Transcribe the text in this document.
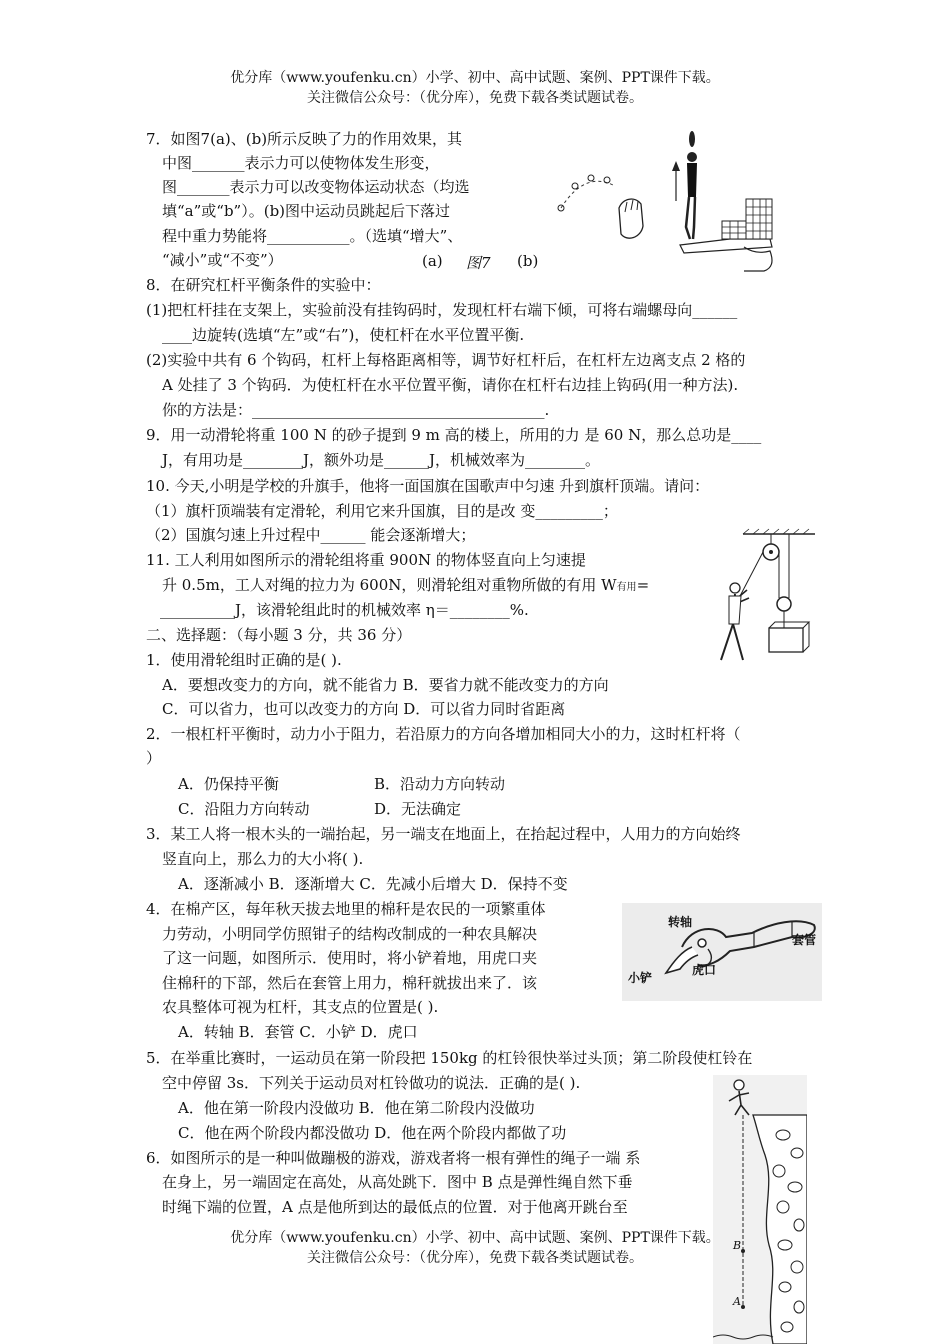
优分库（www.youfenku.cn）小学、初中、高中试题、案例、PPT课件下载。
关注微信公众号：（优分库），免费下载各类试题试卷。
7．如图7(a)、(b)所示反映了力的作用效果，其
中图_______表示力可以使物体发生形变，
图_______表示力可以改变物体运动状态（均选
填“a”或“b”）。(b)图中运动员跳起后下落过
程中重力势能将___________。（选填“增大”、
“减小”或“不变”）	(a) 图7 (b)
8．在研究杠杆平衡条件的实验中：
(1)把杠杆挂在支架上，实验前没有挂钩码时，发现杠杆右端下倾，可将右端螺母向______
____边旋转(选填“左”或“右”)，使杠杆在水平位置平衡.
(2)实验中共有 6 个钩码，杠杆上每格距离相等，调节好杠杆后，在杠杆左边离支点 2 格的
A 处挂了 3 个钩码．为使杠杆在水平位置平衡，请你在杠杆右边挂上钩码(用一种方法).
你的方法是：_______________________________________.
9．用一动滑轮将重 100 N 的砂子提到 9 m 高的楼上，所用的力 是 60 N，那么总功是____
J，有用功是________J，额外功是______J，机械效率为________。
10. 今天,小明是学校的升旗手，他将一面国旗在国歌声中匀速 升到旗杆顶端。请问：
（1）旗杆顶端装有定滑轮，利用它来升国旗，目的是改 变_________；
（2）国旗匀速上升过程中______ 能会逐渐增大；
11. 工人利用如图所示的滑轮组将重 900N 的物体竖直向上匀速提
升 0.5m，工人对绳的拉力为 600N，则滑轮组对重物所做的有用 W有用=
__________J，该滑轮组此时的机械效率 η＝________%.
二、选择题：（每小题 3 分，共 36 分）
1．使用滑轮组时正确的是( ).
A．要想改变力的方向，就不能省力 B．要省力就不能改变力的方向
C．可以省力，也可以改变力的方向 D．可以省力同时省距离
2．一根杠杆平衡时，动力小于阻力，若沿原力的方向各增加相同大小的力，这时杠杆将（
）
A．仍保持平衡	B．沿动力方向转动
C．沿阻力方向转动	D．无法确定
3．某工人将一根木头的一端抬起，另一端支在地面上，在抬起过程中，人用力的方向始终
竖直向上，那么力的大小将( ).
A．逐渐减小 B．逐渐增大 C．先减小后增大 D．保持不变
4．在棉产区，每年秋天拔去地里的棉秆是农民的一项繁重体
力劳动，小明同学仿照钳子的结构改制成的一种农具解决
了这一问题，如图所示．使用时，将小铲着地，用虎口夹
住棉秆的下部，然后在套管上用力，棉秆就拔出来了．该
农具整体可视为杠杆，其支点的位置是( ).
A．转轴 B．套管 C．小铲 D．虎口
转轴
套管
虎口
小铲
5．在举重比赛时，一运动员在第一阶段把 150kg 的杠铃很快举过头顶；第二阶段使杠铃在
空中停留 3s．下列关于运动员对杠铃做功的说法．正确的是( ).
A．他在第一阶段内没做功 B．他在第二阶段内没做功
C．他在两个阶段内都没做功 D．他在两个阶段内都做了功
6．如图所示的是一种叫做蹦极的游戏，游戏者将一根有弹性的绳子一端 系
在身上，另一端固定在高处，从高处跳下．图中 B 点是弹性绳自然下垂
时绳下端的位置，A 点是他所到达的最低点的位置．对于他离开跳台至
B
A
优分库（www.youfenku.cn）小学、初中、高中试题、案例、PPT课件下载。
关注微信公众号：（优分库），免费下载各类试题试卷。
